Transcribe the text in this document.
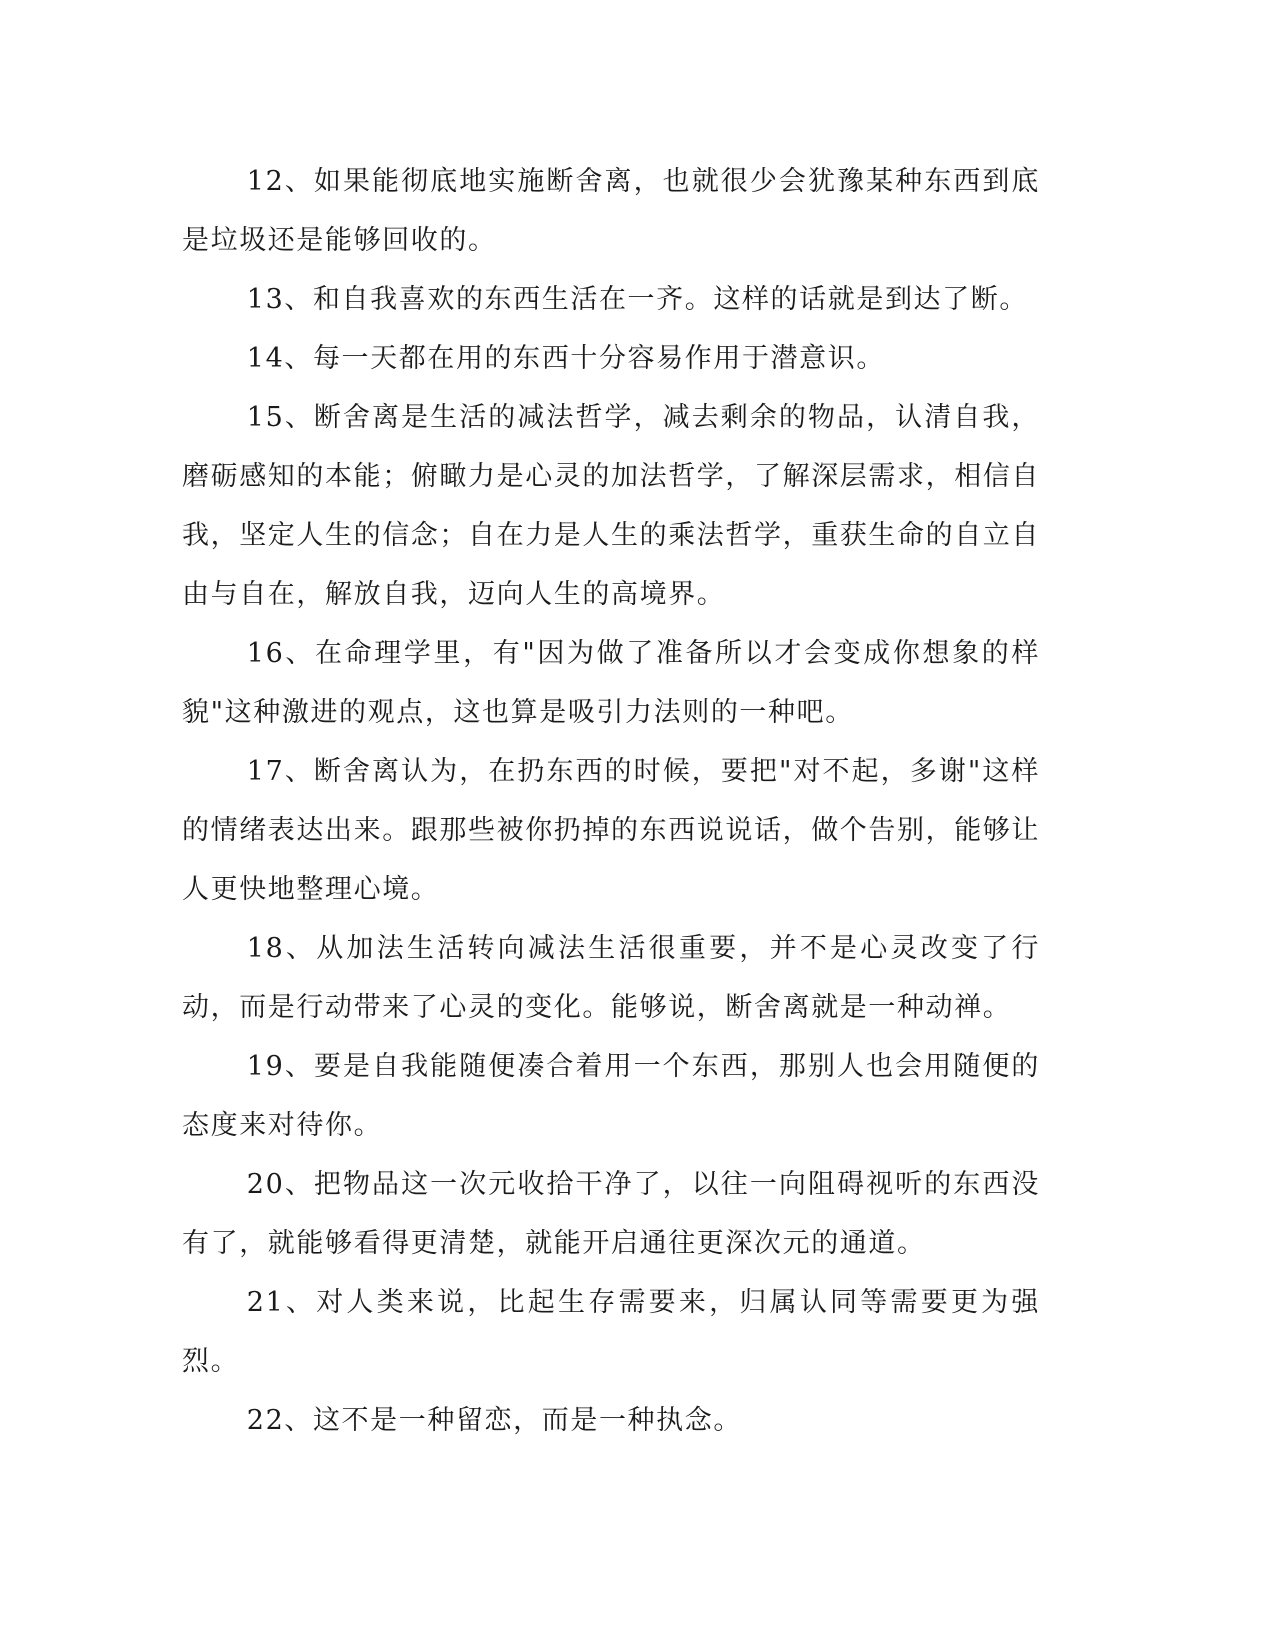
12、如果能彻底地实施断舍离，也就很少会犹豫某种东西到底是垃圾还是能够回收的。

13、和自我喜欢的东西生活在一齐。这样的话就是到达了断。

14、每一天都在用的东西十分容易作用于潜意识。

15、断舍离是生活的减法哲学，减去剩余的物品，认清自我，磨砺感知的本能；俯瞰力是心灵的加法哲学，了解深层需求，相信自我，坚定人生的信念；自在力是人生的乘法哲学，重获生命的自立自由与自在，解放自我，迈向人生的高境界。

16、在命理学里，有"因为做了准备所以才会变成你想象的样貌"这种激进的观点，这也算是吸引力法则的一种吧。

17、断舍离认为，在扔东西的时候，要把"对不起，多谢"这样的情绪表达出来。跟那些被你扔掉的东西说说话，做个告别，能够让人更快地整理心境。

18、从加法生活转向减法生活很重要，并不是心灵改变了行动，而是行动带来了心灵的变化。能够说，断舍离就是一种动禅。

19、要是自我能随便凑合着用一个东西，那别人也会用随便的态度来对待你。

20、把物品这一次元收拾干净了，以往一向阻碍视听的东西没有了，就能够看得更清楚，就能开启通往更深次元的通道。

21、对人类来说，比起生存需要来，归属认同等需要更为强烈。

22、这不是一种留恋，而是一种执念。
